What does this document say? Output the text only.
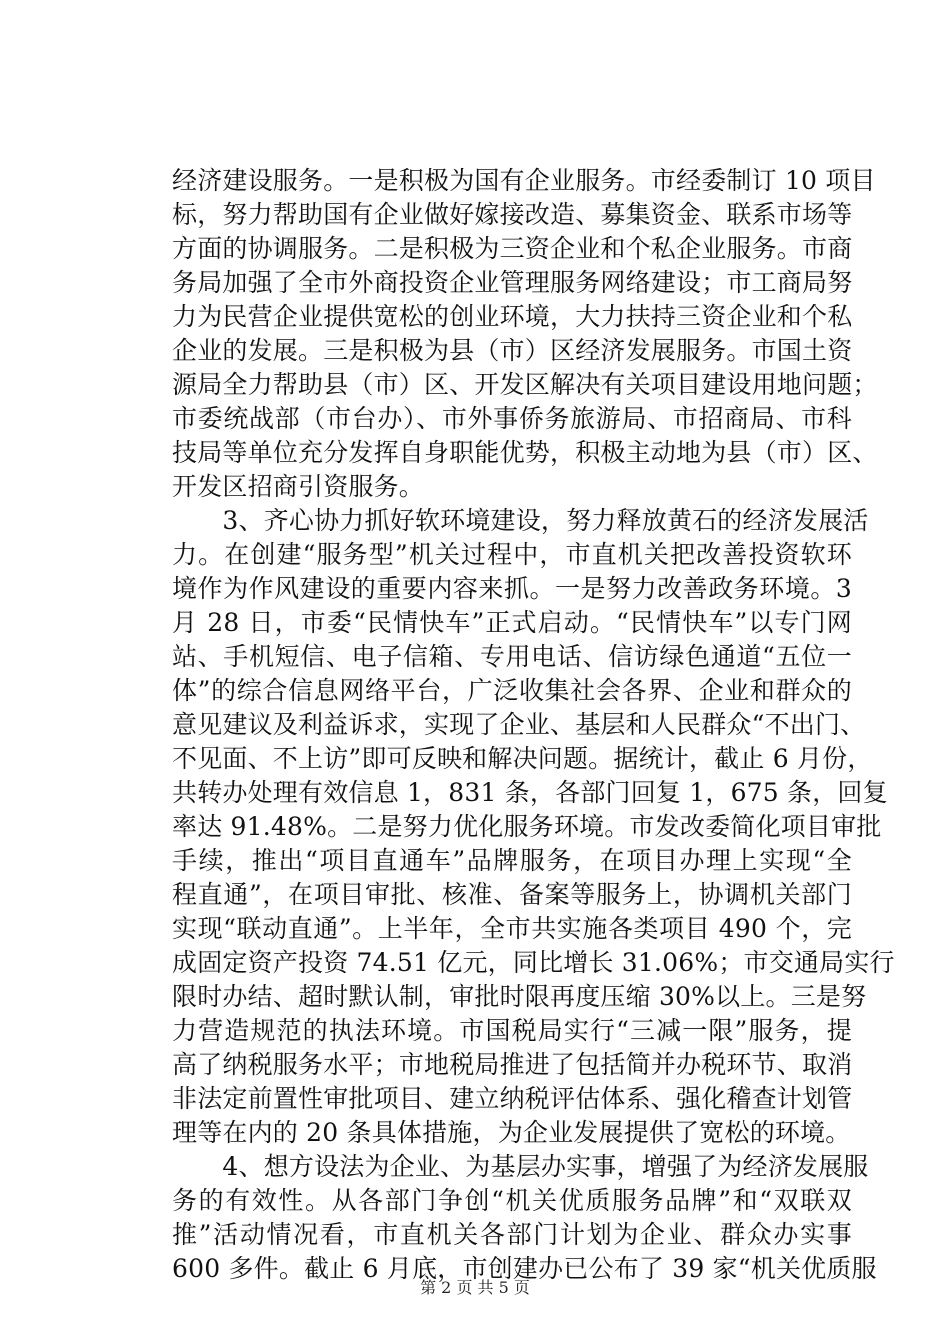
经济建设服务。一是积极为国有企业服务。市经委制订 10 项目
标，努力帮助国有企业做好嫁接改造、募集资金、联系市场等
方面的协调服务。二是积极为三资企业和个私企业服务。市商
务局加强了全市外商投资企业管理服务网络建设；市工商局努
力为民营企业提供宽松的创业环境，大力扶持三资企业和个私
企业的发展。三是积极为县（市）区经济发展服务。市国土资
源局全力帮助县（市）区、开发区解决有关项目建设用地问题；
市委统战部（市台办）、市外事侨务旅游局、市招商局、市科
技局等单位充分发挥自身职能优势，积极主动地为县（市）区、
开发区招商引资服务。
　　3、齐心协力抓好软环境建设，努力释放黄石的经济发展活
力。在创建“服务型”机关过程中，市直机关把改善投资软环
境作为作风建设的重要内容来抓。一是努力改善政务环境。3
月 28 日，市委“民情快车”正式启动。“民情快车”以专门网
站、手机短信、电子信箱、专用电话、信访绿色通道“五位一
体”的综合信息网络平台，广泛收集社会各界、企业和群众的
意见建议及利益诉求，实现了企业、基层和人民群众“不出门、
不见面、不上访”即可反映和解决问题。据统计，截止 6 月份，
共转办处理有效信息 1，831 条，各部门回复 1，675 条，回复
率达 91.48%。二是努力优化服务环境。市发改委简化项目审批
手续，推出“项目直通车”品牌服务，在项目办理上实现“全
程直通”，在项目审批、核准、备案等服务上，协调机关部门
实现“联动直通”。上半年，全市共实施各类项目 490 个，完
成固定资产投资 74.51 亿元，同比增长 31.06%；市交通局实行
限时办结、超时默认制，审批时限再度压缩 30%以上。三是努
力营造规范的执法环境。市国税局实行“三减一限”服务，提
高了纳税服务水平；市地税局推进了包括简并办税环节、取消
非法定前置性审批项目、建立纳税评估体系、强化稽查计划管
理等在内的 20 条具体措施，为企业发展提供了宽松的环境。
　　4、想方设法为企业、为基层办实事，增强了为经济发展服
务的有效性。从各部门争创“机关优质服务品牌”和“双联双
推”活动情况看，市直机关各部门计划为企业、群众办实事
600 多件。截止 6 月底，市创建办已公布了 39 家“机关优质服
第 2 页 共 5 页
